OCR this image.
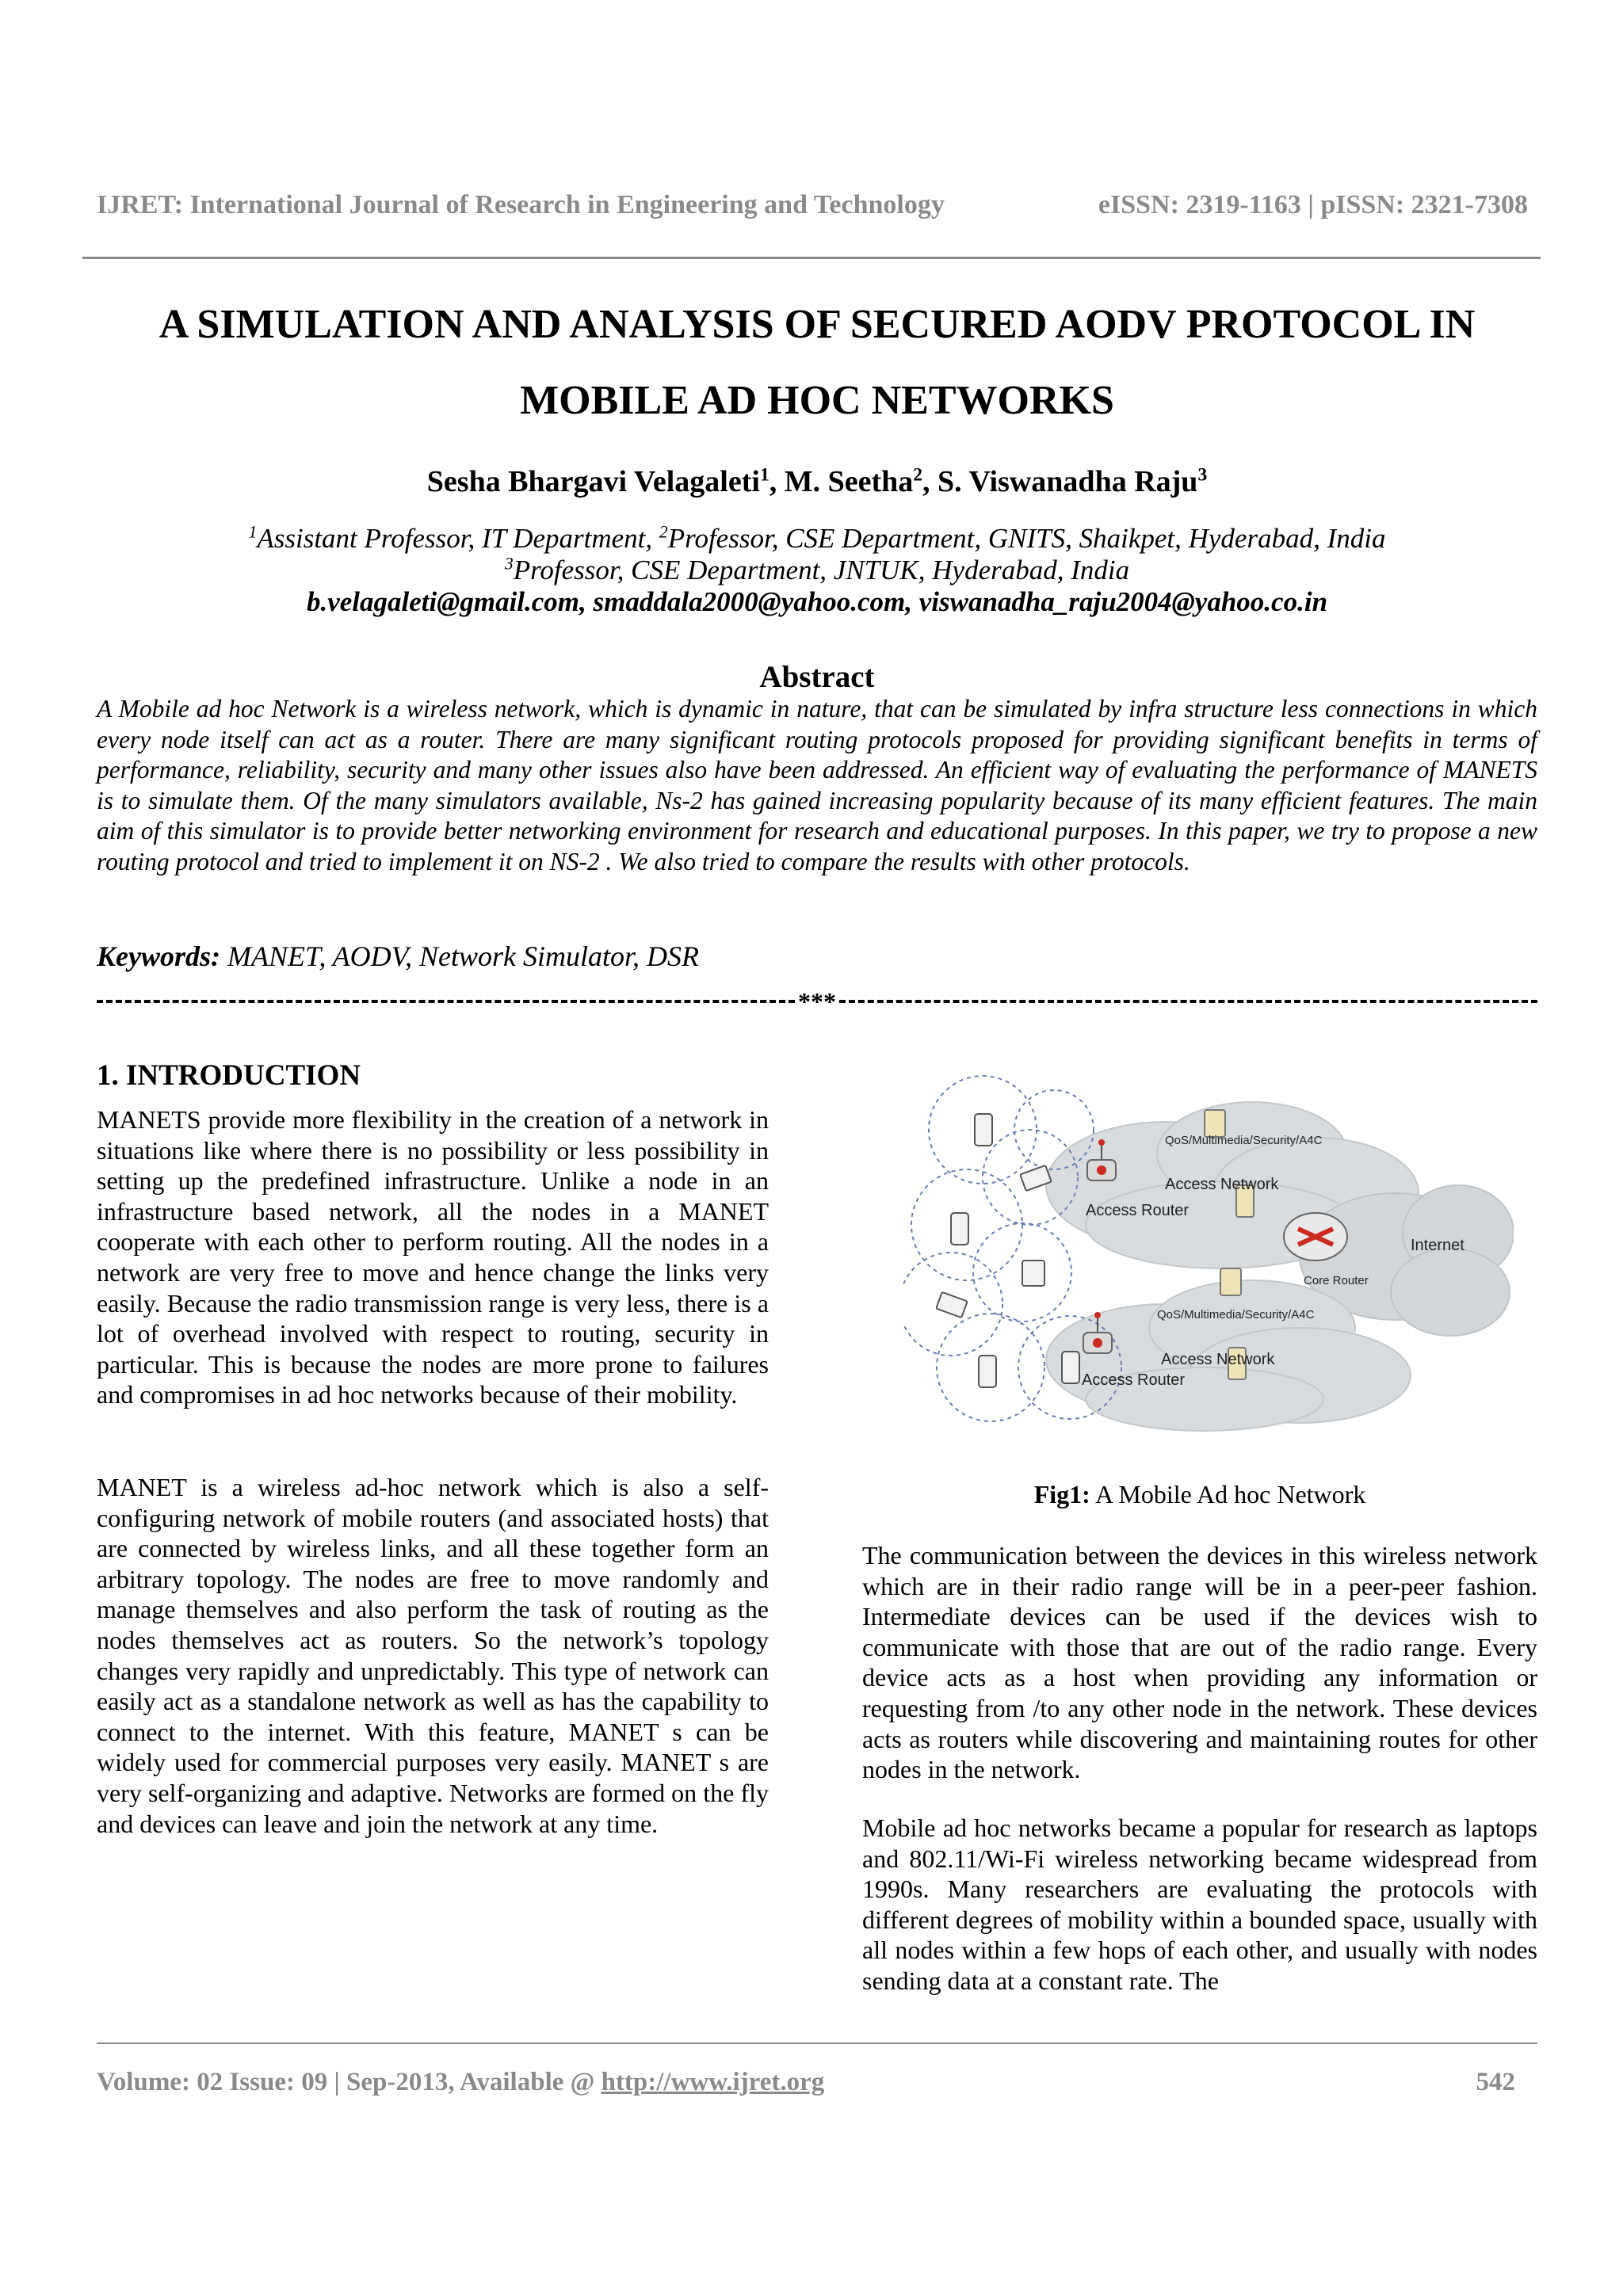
IJRET: International Journal of Research in Engineering and Technology	eISSN: 2319-1163 | pISSN: 2321-7308
A SIMULATION AND ANALYSIS OF SECURED AODV PROTOCOL IN
MOBILE AD HOC NETWORKS
Sesha Bhargavi Velagaleti$^1$, M. Seetha$^2$, S. Viswanadha Raju$^3$
$^1$Assistant Professor, IT Department, $^2$Professor, CSE Department, GNITS, Shaikpet, Hyderabad, India
$^3$Professor, CSE Department, JNTUK, Hyderabad, India
b.velagaleti@gmail.com, smaddala2000@yahoo.com, viswanadha_raju2004@yahoo.co.in
Abstract

A Mobile ad hoc Network is a wireless network, which is dynamic in nature, that can be simulated by infra structure less connections in which every node itself can act as a router. There are many significant routing protocols proposed for providing significant benefits in terms of performance, reliability, security and many other issues also have been addressed. An efficient way of evaluating the performance of MANETS is to simulate them. Of the many simulators available, Ns-2 has gained increasing popularity because of its many efficient features. The main aim of this simulator is to provide better networking environment for research and educational purposes. In this paper, we try to propose a new routing protocol and tried to implement it on NS-2 . We also tried to compare the results with other protocols.

Keywords: MANET, AODV, Network Simulator, DSR
***
1. INTRODUCTION

MANETS provide more flexibility in the creation of a network in situations like where there is no possibility or less possibility in setting up the predefined infrastructure. Unlike a node in an infrastructure based network, all the nodes in a MANET cooperate with each other to perform routing. All the nodes in a network are very free to move and hence change the links very easily. Because the radio transmission range is very less, there is a lot of overhead involved with respect to routing, security in particular. This is because the nodes are more prone to failures and compromises in ad hoc networks because of their mobility.

MANET is a wireless ad-hoc network which is also a self-configuring network of mobile routers (and associated hosts) that are connected by wireless links, and all these together form an arbitrary topology. The nodes are free to move randomly and manage themselves and also perform the task of routing as the nodes themselves act as routers. So the network’s topology changes very rapidly and unpredictably. This type of network can easily act as a standalone network as well as has the capability to connect to the internet. With this feature, MANET s can be widely used for commercial purposes very easily. MANET s are very self-organizing and adaptive. Networks are formed on the fly and devices can leave and join the network at any time.

QoS/Multimedia/Security/A4C
Access Network
Access Router
Internet
Core Router
QoS/Multimedia/Security/A4C
Access Network
Access Router
Fig1: A Mobile Ad hoc Network

The communication between the devices in this wireless network which are in their radio range will be in a peer-peer fashion. Intermediate devices can be used if the devices wish to communicate with those that are out of the radio range. Every device acts as a host when providing any information or requesting from /to any other node in the network. These devices acts as routers while discovering and maintaining routes for other nodes in the network.

Mobile ad hoc networks became a popular for research as laptops and 802.11/Wi-Fi wireless networking became widespread from 1990s. Many researchers are evaluating the protocols with different degrees of mobility within a bounded space, usually with all nodes within a few hops of each other, and usually with nodes sending data at a constant rate. The

Volume: 02 Issue: 09 | Sep-2013, Available @ http://www.ijret.org	542
